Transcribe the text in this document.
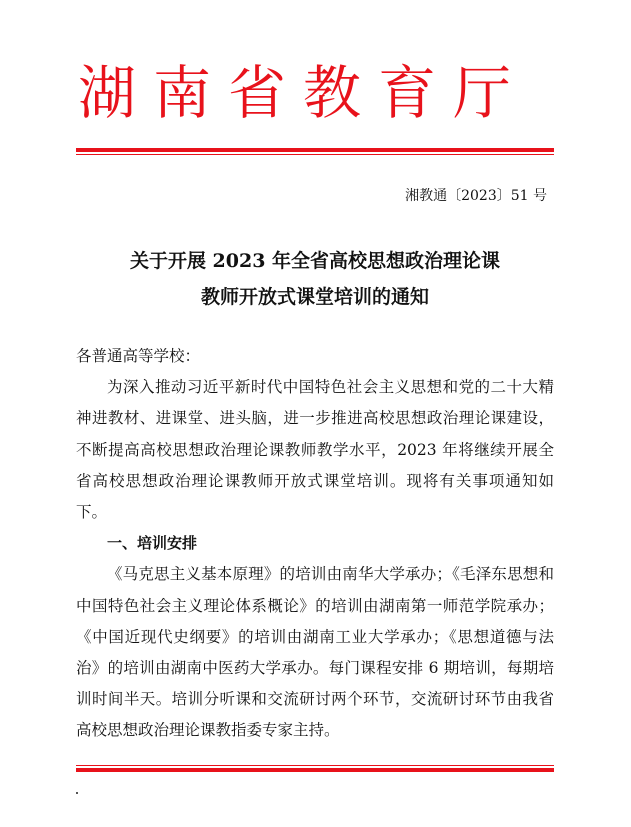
湖南省教育厅
湘教通〔2023〕51 号
关于开展 2023 年全省高校思想政治理论课
教师开放式课堂培训的通知

各普通高等学校：

为深入推动习近平新时代中国特色社会主义思想和党的二十大精神进教材、进课堂、进头脑，进一步推进高校思想政治理论课建设，不断提高高校思想政治理论课教师教学水平，2023 年将继续开展全省高校思想政治理论课教师开放式课堂培训。现将有关事项通知如下。

一、培训安排

《马克思主义基本原理》的培训由南华大学承办；《毛泽东思想和中国特色社会主义理论体系概论》的培训由湖南第一师范学院承办；《中国近现代史纲要》的培训由湖南工业大学承办；《思想道德与法治》的培训由湖南中医药大学承办。每门课程安排 6 期培训，每期培训时间半天。培训分听课和交流研讨两个环节，交流研讨环节由我省高校思想政治理论课教指委专家主持。
